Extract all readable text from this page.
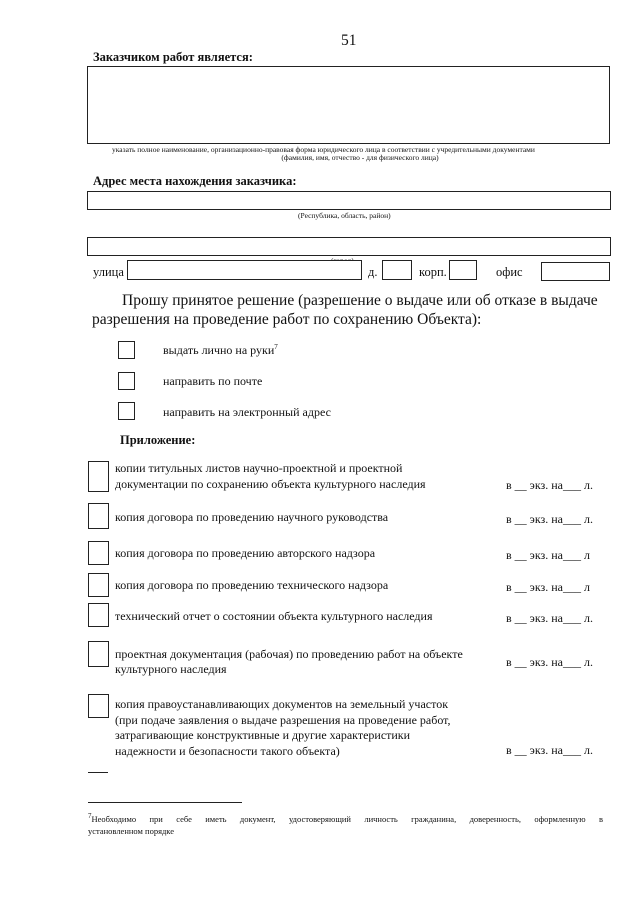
51
Заказчиком работ является:
указать полное наименование, организационно-правовая форма юридического лица в соответствии с учредительными документами
(фамилия, имя, отчество - для физического лица)
Адрес места нахождения заказчика:
(Республика, область, район)
улица	д.	корп.	офис
Прошу принятое решение (разрешение о выдаче или об отказе в выдаче
разрешения на проведение работ по сохранению Объекта):
выдать лично на руки$^7$
направить по почте
направить на электронный адрес
Приложение:
копии титульных листов научно-проектной и проектной
документации по сохранению объекта культурного наследия	в __ экз. на___ л.
копия договора по проведению научного руководства	в __ экз. на___ л.
копия договора по проведению авторского надзора	в __ экз. на___ л
копия договора по проведению технического надзора	в __ экз. на___ л
технический отчет о состоянии объекта культурного наследия	в __ экз. на___ л.
проектная документация (рабочая) по проведению работ на объекте
культурного наследия	в __ экз. на___ л.
копия правоустанавливающих документов на земельный участок
(при подаче заявления о выдаче разрешения на проведение работ,
затрагивающие конструктивные и другие характеристики
надежности и безопасности такого объекта)	в __ экз. на___ л.
$^7$Необходимо при себе иметь документ, удостоверяющий личность гражданина, доверенность, оформленную в
установленном порядке
